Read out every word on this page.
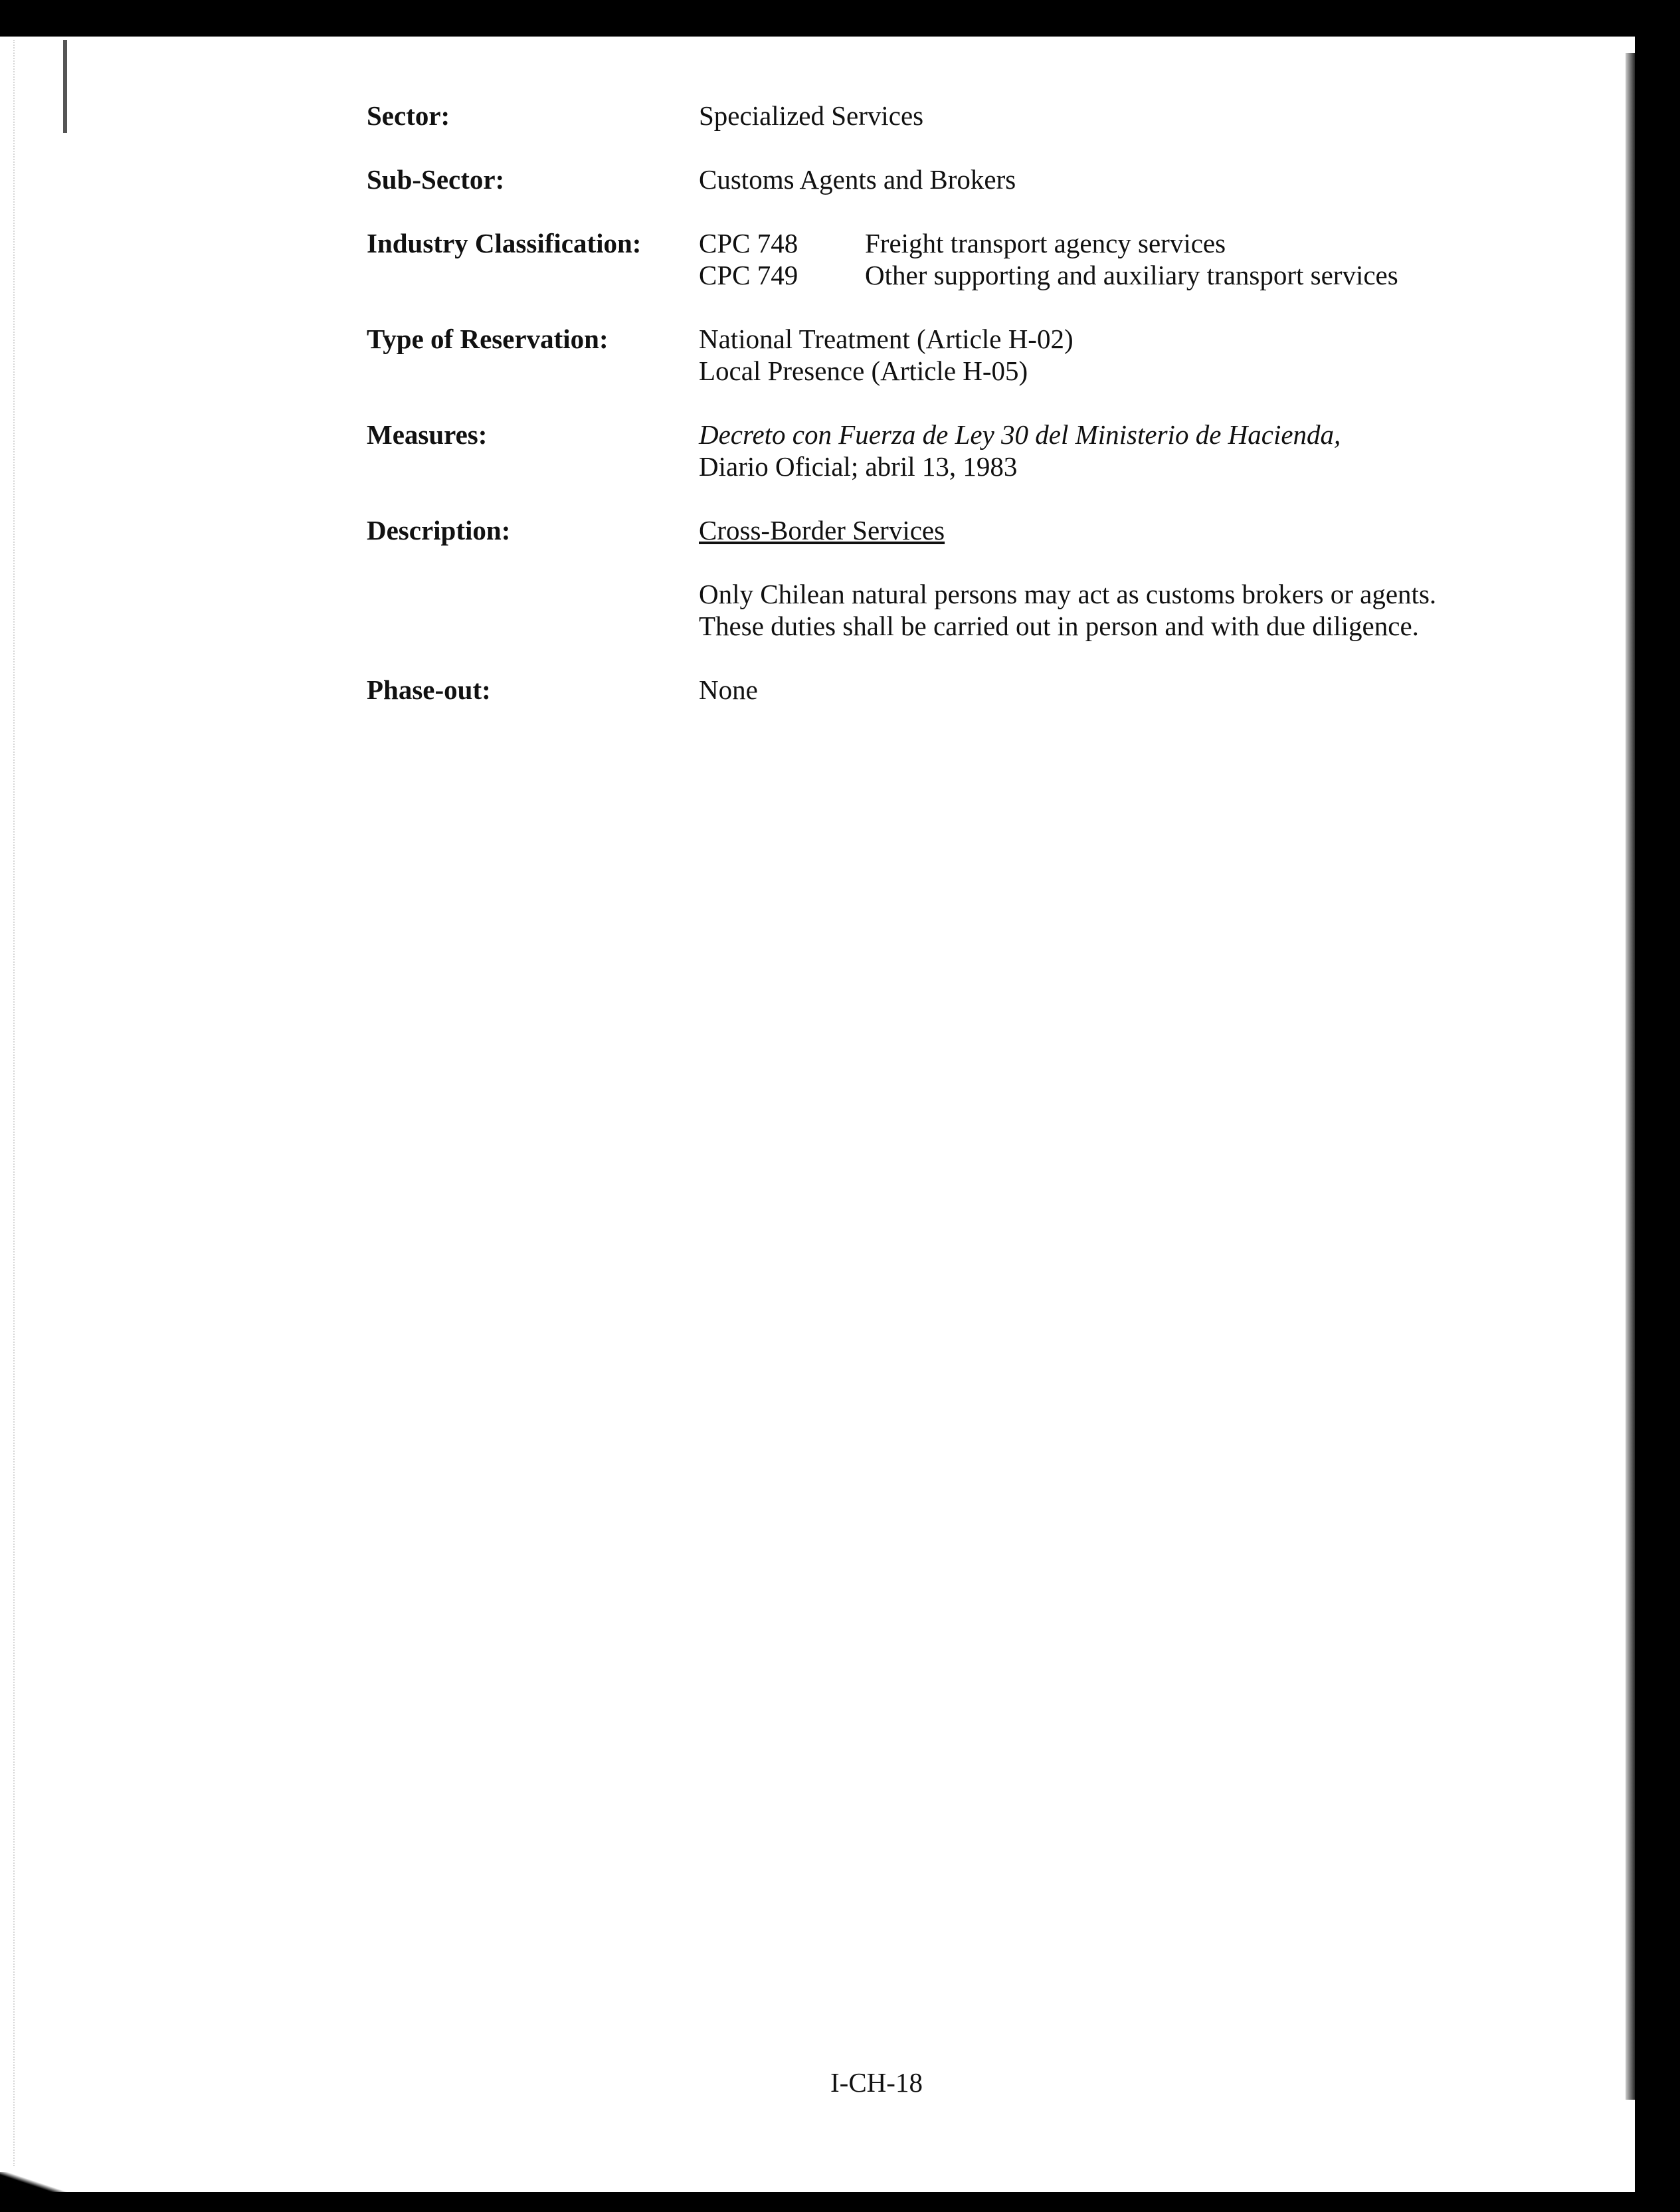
Sector:	Specialized Services
Sub-Sector:	Customs Agents and Brokers
Industry Classification:	CPC 748	Freight transport agency services
CPC 749	Other supporting and auxiliary transport services
Type of Reservation:	National Treatment (Article H-02)
Local Presence (Article H-05)
Measures:	Decreto con Fuerza de Ley 30 del Ministerio de Hacienda,
Diario Oficial; abril 13, 1983
Description:	Cross-Border Services
Only Chilean natural persons may act as customs brokers or agents. These duties shall be carried out in person and with due diligence.
Phase-out:	None
I-CH-18
